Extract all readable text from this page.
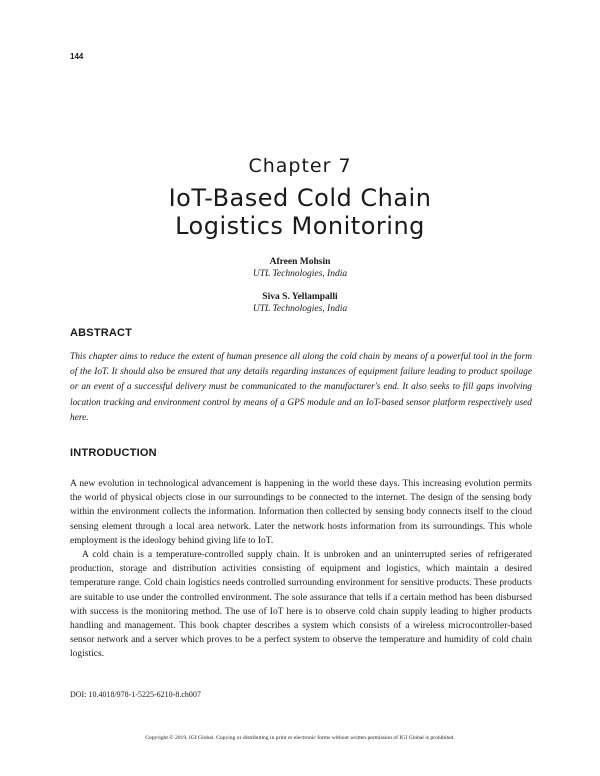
144
Chapter 7
IoT-Based Cold Chain
Logistics Monitoring
Afreen Mohsin
UTL Technologies, India
Siva S. Yellampalli
UTL Technologies, India
ABSTRACT
This chapter aims to reduce the extent of human presence all along the cold chain by means of a powerful tool in the form of the IoT. It should also be ensured that any details regarding instances of equipment failure leading to product spoilage or an event of a successful delivery must be communicated to the manufacturer's end. It also seeks to fill gaps involving location tracking and environment control by means of a GPS module and an IoT-based sensor platform respectively used here.
INTRODUCTION

A new evolution in technological advancement is happening in the world these days. This increasing evolution permits the world of physical objects close in our surroundings to be connected to the internet. The design of the sensing body within the environment collects the information. Information then collected by sensing body connects itself to the cloud sensing element through a local area network. Later the network hosts information from its surroundings. This whole employment is the ideology behind giving life to IoT.

A cold chain is a temperature-controlled supply chain. It is unbroken and an uninterrupted series of refrigerated production, storage and distribution activities consisting of equipment and logistics, which maintain a desired temperature range. Cold chain logistics needs controlled surrounding environment for sensitive products. These products are suitable to use under the controlled environment. The sole assurance that tells if a certain method has been disbursed with success is the monitoring method. The use of IoT here is to observe cold chain supply leading to higher products handling and management. This book chapter describes a system which consists of a wireless microcontroller-based sensor network and a server which proves to be a perfect system to observe the temperature and humidity of cold chain logistics.

DOI: 10.4018/978-1-5225-6210-8.ch007
Copyright © 2019, IGI Global. Copying or distributing in print or electronic forms without written permission of IGI Global is prohibited.
